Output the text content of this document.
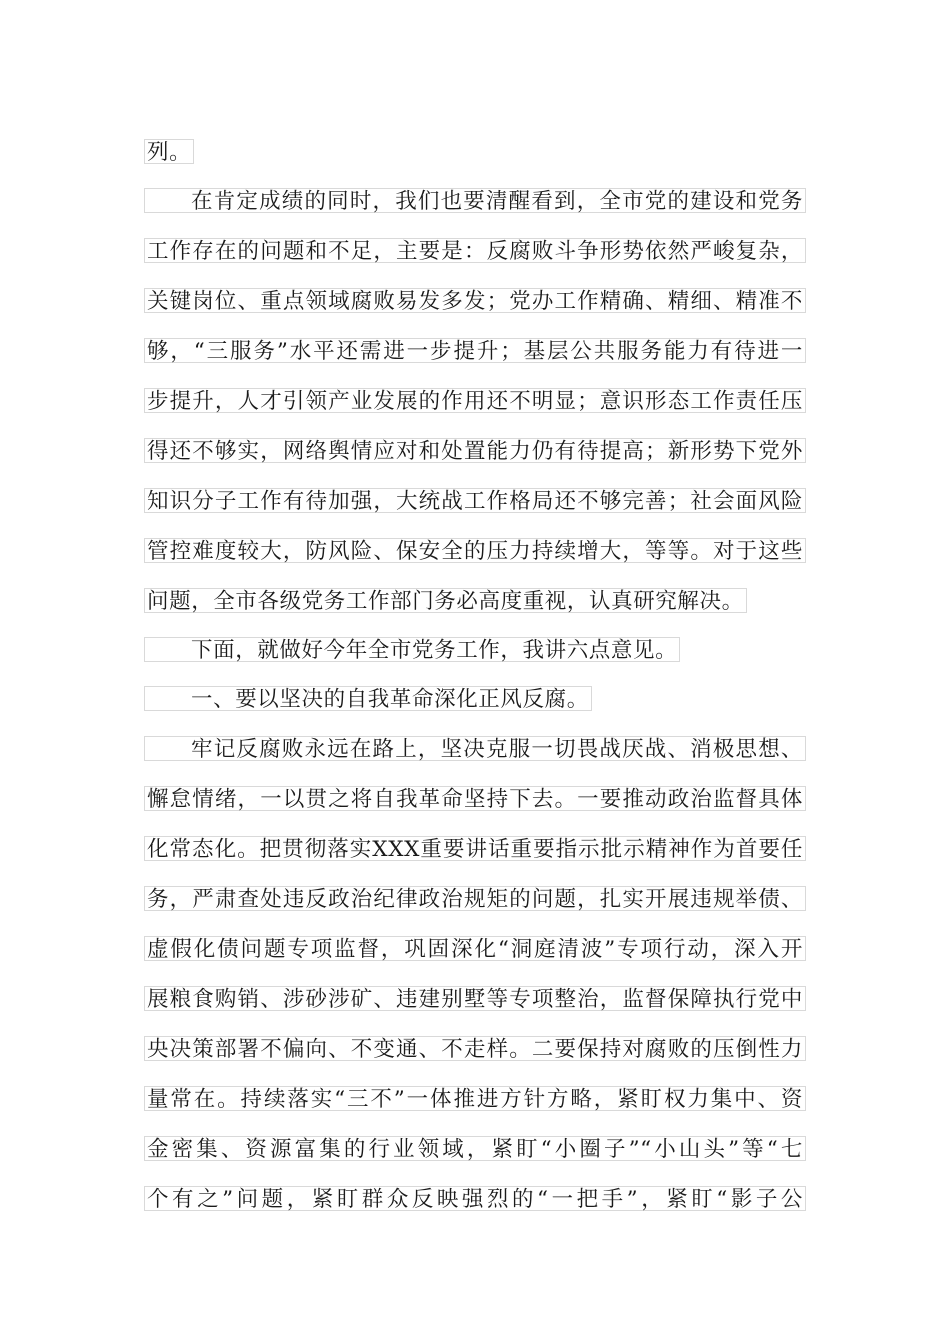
列。
在肯定成绩的同时，我们也要清醒看到，全市党的建设和党务
工作存在的问题和不足，主要是：反腐败斗争形势依然严峻复杂，
关键岗位、重点领域腐败易发多发；党办工作精确、精细、精准不
够，“三服务”水平还需进一步提升；基层公共服务能力有待进一
步提升，人才引领产业发展的作用还不明显；意识形态工作责任压
得还不够实，网络舆情应对和处置能力仍有待提高；新形势下党外
知识分子工作有待加强，大统战工作格局还不够完善；社会面风险
管控难度较大，防风险、保安全的压力持续增大，等等。对于这些
问题，全市各级党务工作部门务必高度重视，认真研究解决。
下面，就做好今年全市党务工作，我讲六点意见。
一、要以坚决的自我革命深化正风反腐。
牢记反腐败永远在路上，坚决克服一切畏战厌战、消极思想、
懈怠情绪，一以贯之将自我革命坚持下去。一要推动政治监督具体
化常态化。把贯彻落实XXX重要讲话重要指示批示精神作为首要任
务，严肃查处违反政治纪律政治规矩的问题，扎实开展违规举债、
虚假化债问题专项监督，巩固深化“洞庭清波”专项行动，深入开
展粮食购销、涉砂涉矿、违建别墅等专项整治，监督保障执行党中
央决策部署不偏向、不变通、不走样。二要保持对腐败的压倒性力
量常在。持续落实“三不”一体推进方针方略，紧盯权力集中、资
金密集、资源富集的行业领域，紧盯“小圈子”“小山头”等“七
个有之”问题，紧盯群众反映强烈的“一把手”，紧盯“影子公
